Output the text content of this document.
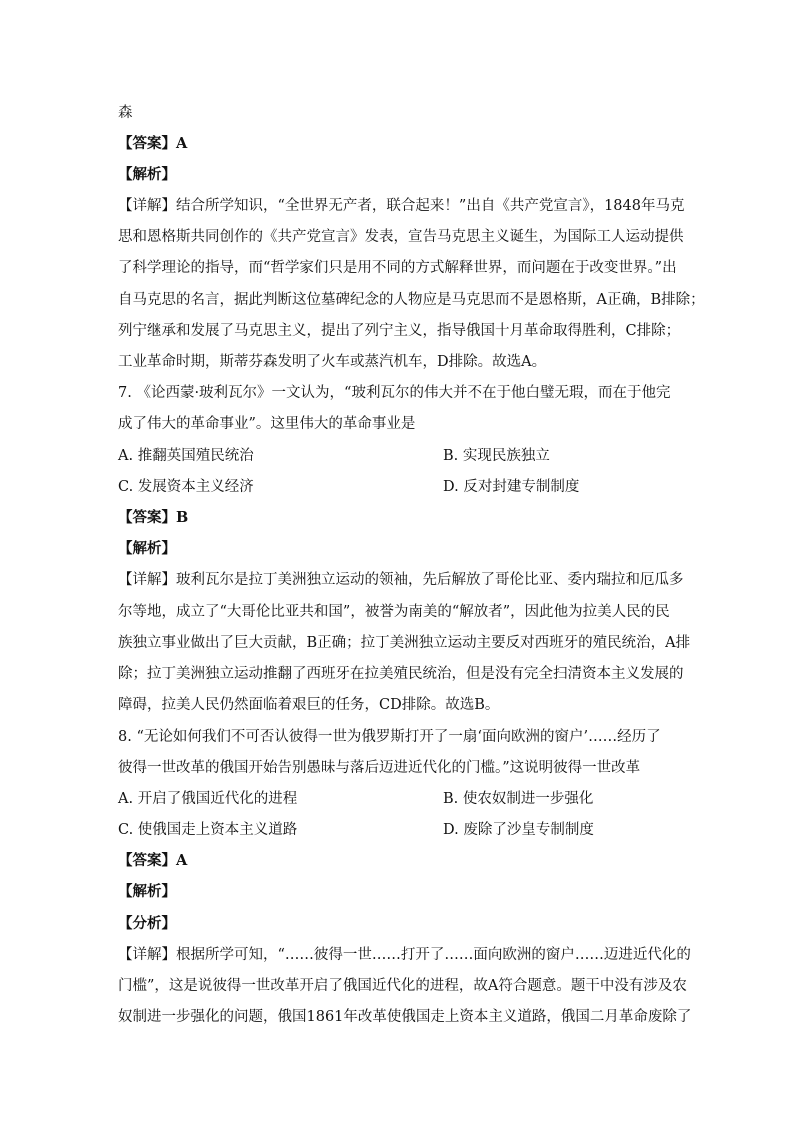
森
【答案】A
【解析】
【详解】结合所学知识，“全世界无产者，联合起来！”出自《共产党宣言》，1848年马克
思和恩格斯共同创作的《共产党宣言》发表，宣告马克思主义诞生，为国际工人运动提供
了科学理论的指导，而“哲学家们只是用不同的方式解释世界，而问题在于改变世界。”出
自马克思的名言，据此判断这位墓碑纪念的人物应是马克思而不是恩格斯，A正确，B排除；
列宁继承和发展了马克思主义，提出了列宁主义，指导俄国十月革命取得胜利，C排除；
工业革命时期，斯蒂芬森发明了火车或蒸汽机车，D排除。故选A。
7. 《论西蒙·玻利瓦尔》一文认为，“玻利瓦尔的伟大并不在于他白璧无瑕，而在于他完
成了伟大的革命事业”。这里伟大的革命事业是
A. 推翻英国殖民统治	B. 实现民族独立
C. 发展资本主义经济	D. 反对封建专制制度
【答案】B
【解析】
【详解】玻利瓦尔是拉丁美洲独立运动的领袖，先后解放了哥伦比亚、委内瑞拉和厄瓜多
尔等地，成立了“大哥伦比亚共和国”，被誉为南美的“解放者”，因此他为拉美人民的民
族独立事业做出了巨大贡献，B正确；拉丁美洲独立运动主要反对西班牙的殖民统治，A排
除；拉丁美洲独立运动推翻了西班牙在拉美殖民统治，但是没有完全扫清资本主义发展的
障碍，拉美人民仍然面临着艰巨的任务，CD排除。故选B。
8. “无论如何我们不可否认彼得一世为俄罗斯打开了一扇‘面向欧洲的窗户’……经历了
彼得一世改革的俄国开始告别愚昧与落后迈进近代化的门槛。”这说明彼得一世改革
A. 开启了俄国近代化的进程	B. 使农奴制进一步强化
C. 使俄国走上资本主义道路	D. 废除了沙皇专制制度
【答案】A
【解析】
【分析】
【详解】根据所学可知，“……彼得一世……打开了……面向欧洲的窗户……迈进近代化的
门槛”，这是说彼得一世改革开启了俄国近代化的进程，故A符合题意。题干中没有涉及农
奴制进一步强化的问题，俄国1861年改革使俄国走上资本主义道路，俄国二月革命废除了
